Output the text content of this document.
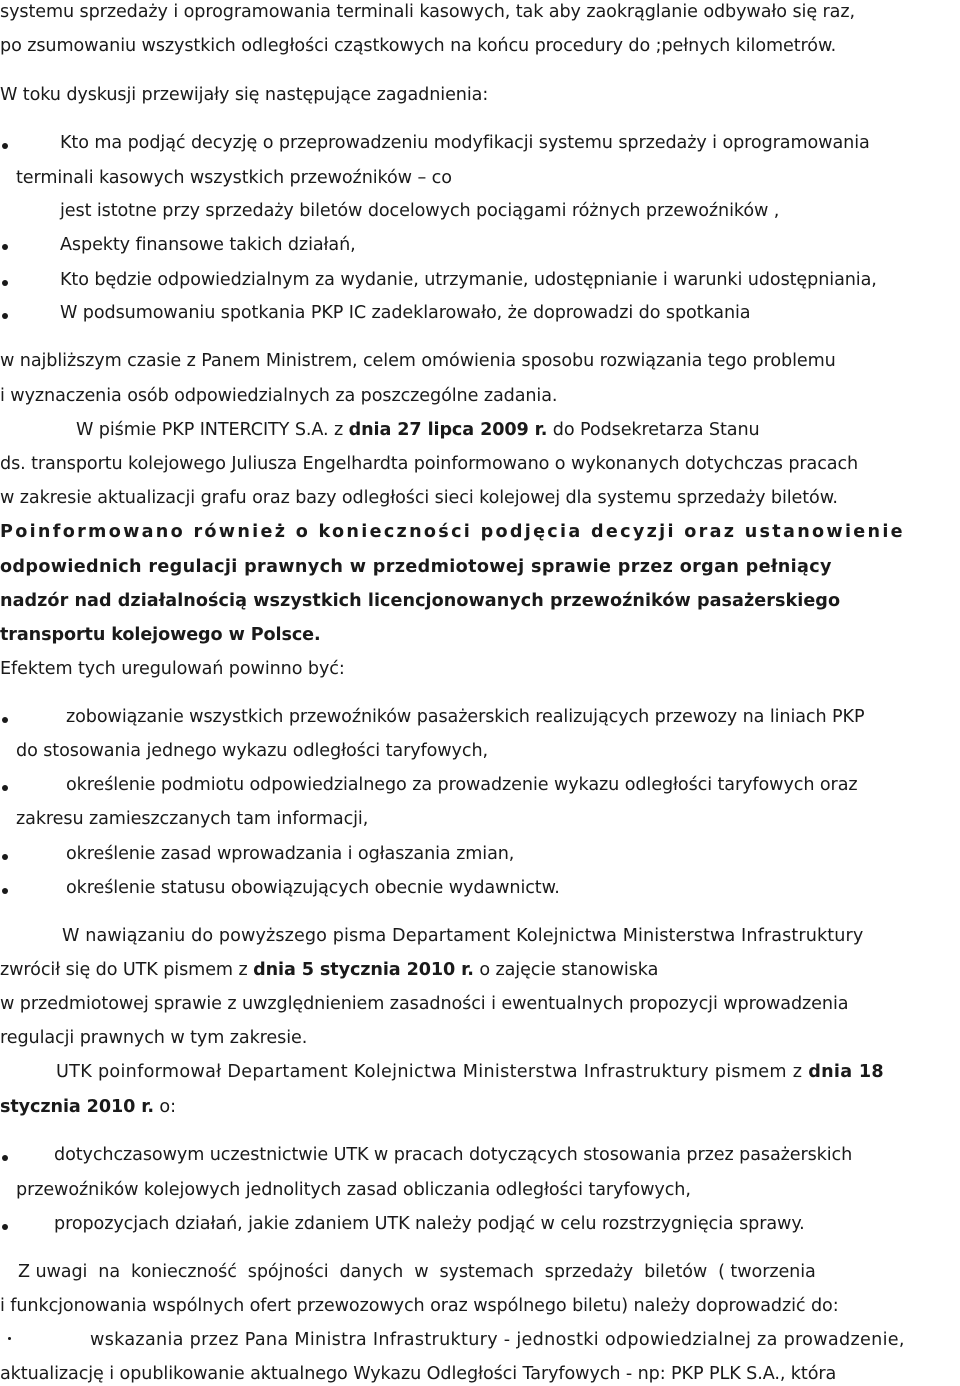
systemu sprzedaży i oprogramowania terminali kasowych, tak aby zaokrąglanie odbywało się raz,
po zsumowaniu wszystkich odległości cząstkowych na końcu procedury do ;pełnych kilometrów.
W toku dyskusji przewijały się następujące zagadnienia:
Kto ma podjąć decyzję o przeprowadzeniu modyfikacji systemu sprzedaży i oprogramowania
terminali kasowych wszystkich przewoźników – co
jest istotne przy sprzedaży biletów docelowych pociągami różnych przewoźników ,
Aspekty finansowe takich działań,
Kto będzie odpowiedzialnym za wydanie, utrzymanie, udostępnianie i warunki udostępniania,
W podsumowaniu spotkania PKP IC zadeklarowało, że doprowadzi do spotkania
w najbliższym czasie z Panem Ministrem, celem omówienia sposobu rozwiązania tego problemu
i wyznaczenia osób odpowiedzialnych za poszczególne zadania.
W piśmie PKP INTERCITY S.A. z dnia 27 lipca 2009 r. do Podsekretarza Stanu
ds. transportu kolejowego Juliusza Engelhardta poinformowano o wykonanych dotychczas pracach
w zakresie aktualizacji grafu oraz bazy odległości sieci kolejowej dla systemu sprzedaży biletów.
Poinformowano również o konieczności podjęcia decyzji oraz ustanowienie
odpowiednich regulacji prawnych w przedmiotowej sprawie przez organ pełniący
nadzór nad działalnością wszystkich licencjonowanych przewoźników pasażerskiego
transportu kolejowego w Polsce.
Efektem tych uregulowań powinno być:
zobowiązanie wszystkich przewoźników pasażerskich realizujących przewozy na liniach PKP
do stosowania jednego wykazu odległości taryfowych,
określenie podmiotu odpowiedzialnego za prowadzenie wykazu odległości taryfowych oraz
zakresu zamieszczanych tam informacji,
określenie zasad wprowadzania i ogłaszania zmian,
określenie statusu obowiązujących obecnie wydawnictw.
W nawiązaniu do powyższego pisma Departament Kolejnictwa Ministerstwa Infrastruktury
zwrócił się do UTK pismem z dnia 5 stycznia 2010 r. o zajęcie stanowiska
w przedmiotowej sprawie z uwzględnieniem zasadności i ewentualnych propozycji wprowadzenia
regulacji prawnych w tym zakresie.
UTK poinformował Departament Kolejnictwa Ministerstwa Infrastruktury pismem z dnia 18
stycznia 2010 r. o:
dotychczasowym uczestnictwie UTK w pracach dotyczących stosowania przez pasażerskich
przewoźników kolejowych jednolitych zasad obliczania odległości taryfowych,
propozycjach działań, jakie zdaniem UTK należy podjąć w celu rozstrzygnięcia sprawy.
Z uwagi  na  konieczność  spójności  danych  w  systemach  sprzedaży  biletów  ( tworzenia
i funkcjonowania wspólnych ofert przewozowych oraz wspólnego biletu) należy doprowadzić do:
wskazania przez Pana Ministra Infrastruktury - jednostki odpowiedzialnej za prowadzenie,
aktualizację i opublikowanie aktualnego Wykazu Odległości Taryfowych - np: PKP PLK S.A., która
